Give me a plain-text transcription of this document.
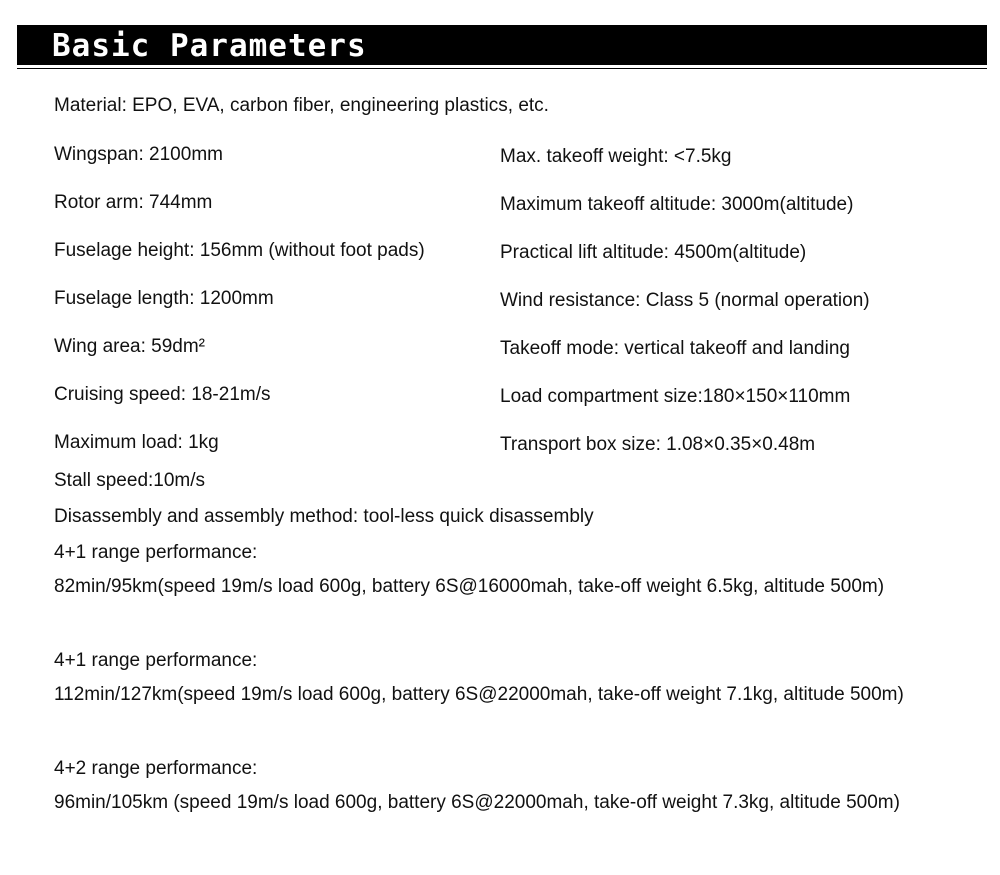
Basic Parameters
Material: EPO, EVA, carbon fiber, engineering plastics, etc.
Wingspan: 2100mm
Rotor arm: 744mm
Fuselage height: 156mm (without foot pads)
Fuselage length: 1200mm
Wing area: 59dm²
Cruising speed: 18-21m/s
Maximum load: 1kg
Max. takeoff weight: <7.5kg
Maximum takeoff altitude: 3000m(altitude)
Practical lift altitude: 4500m(altitude)
Wind resistance: Class 5 (normal operation)
Takeoff mode: vertical takeoff and landing
Load compartment size:180×150×110mm
Transport box size: 1.08×0.35×0.48m
Stall speed:10m/s
Disassembly and assembly method: tool-less quick disassembly
4+1 range performance:
82min/95km(speed 19m/s load 600g, battery 6S@16000mah, take-off weight 6.5kg, altitude 500m)
4+1 range performance:
112min/127km(speed 19m/s load 600g, battery 6S@22000mah, take-off weight 7.1kg, altitude 500m)
4+2 range performance:
96min/105km (speed 19m/s load 600g, battery 6S@22000mah, take-off weight 7.3kg, altitude 500m)
